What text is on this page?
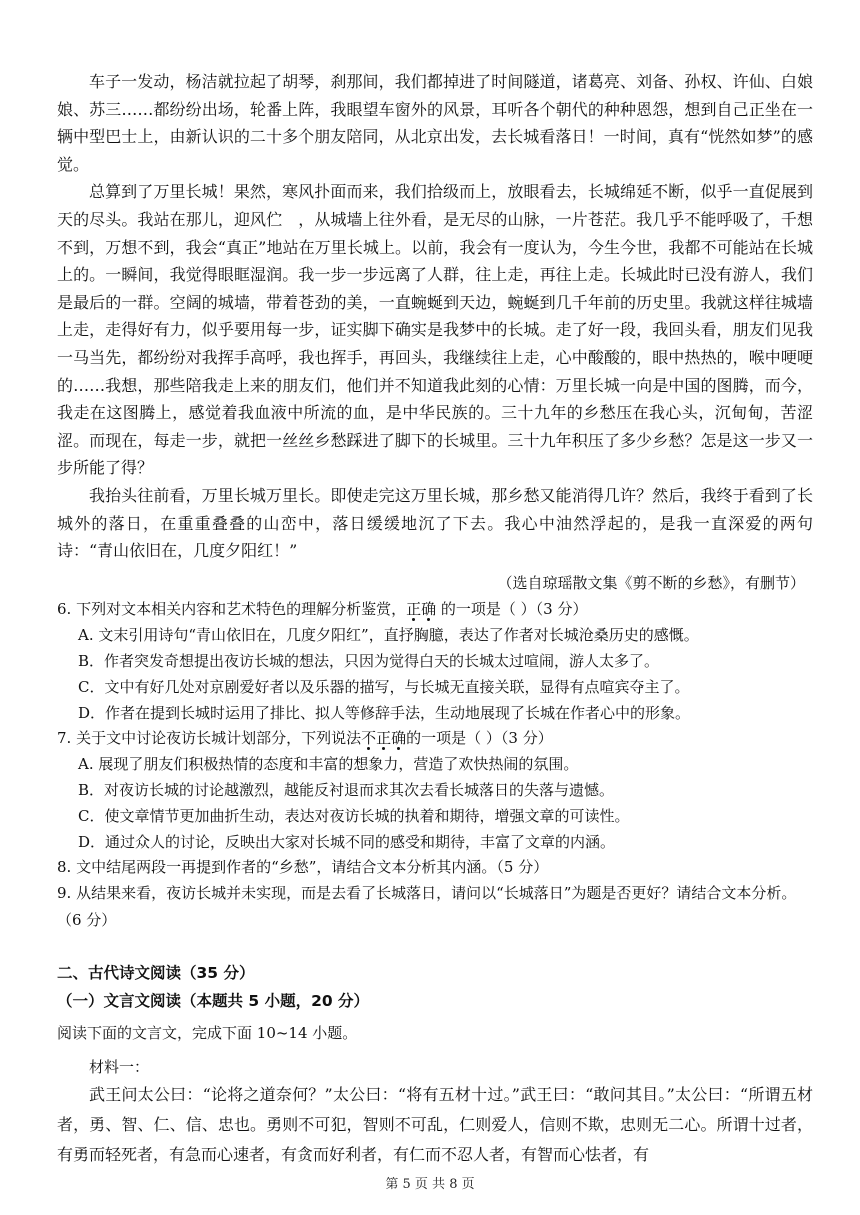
车子一发动，杨洁就拉起了胡琴，刹那间，我们都掉进了时间隧道，诸葛亮、刘备、孙权、许仙、白娘娘、苏三……都纷纷出场，轮番上阵，我眼望车窗外的风景，耳听各个朝代的种种恩怨，想到自己正坐在一辆中型巴士上，由新认识的二十多个朋友陪同，从北京出发，去长城看落日！一时间，真有“恍然如梦”的感觉。

总算到了万里长城！果然，寒风扑面而来，我们拾级而上，放眼看去，长城绵延不断，似乎一直促展到天的尽头。我站在那儿，迎风伫　，从城墙上往外看，是无尽的山脉，一片苍茫。我几乎不能呼吸了，千想不到，万想不到，我会“真正”地站在万里长城上。以前，我会有一度认为，今生今世，我都不可能站在长城上的。一瞬间，我觉得眼眶湿润。我一步一步远离了人群，往上走，再往上走。长城此时已没有游人，我们是最后的一群。空阔的城墙，带着苍劲的美，一直蜿蜒到天边，蜿蜒到几千年前的历史里。我就这样往城墙上走，走得好有力，似乎要用每一步，证实脚下确实是我梦中的长城。走了好一段，我回头看，朋友们见我一马当先，都纷纷对我挥手高呼，我也挥手，再回头，我继续往上走，心中酸酸的，眼中热热的，喉中哽哽的……我想，那些陪我走上来的朋友们，他们并不知道我此刻的心情：万里长城一向是中国的图腾，而今，我走在这图腾上，感觉着我血液中所流的血，是中华民族的。三十九年的乡愁压在我心头，沉甸甸，苦涩涩。而现在，每走一步，就把一丝丝乡愁踩进了脚下的长城里。三十九年积压了多少乡愁？怎是这一步又一步所能了得？

我抬头往前看，万里长城万里长。即使走完这万里长城，那乡愁又能消得几许？然后，我终于看到了长城外的落日，在重重叠叠的山峦中，落日缓缓地沉了下去。我心中油然浮起的，是我一直深爱的两句诗：“青山依旧在，几度夕阳红！”

（选自琼瑶散文集《剪不断的乡愁》，有删节）

6. 下列对文本相关内容和艺术特色的理解分析鉴赏，正确 的一项是（ ）（3 分）

A. 文末引用诗句“青山依旧在，几度夕阳红”，直抒胸臆，表达了作者对长城沧桑历史的感慨。

B．作者突发奇想提出夜访长城的想法，只因为觉得白天的长城太过喧闹，游人太多了。

C．文中有好几处对京剧爱好者以及乐器的描写，与长城无直接关联，显得有点喧宾夺主了。

D．作者在提到长城时运用了排比、拟人等修辞手法，生动地展现了长城在作者心中的形象。

7. 关于文中讨论夜访长城计划部分，下列说法不正确的一项是（ ）（3 分）

A. 展现了朋友们积极热情的态度和丰富的想象力，营造了欢快热闹的氛围。

B．对夜访长城的讨论越激烈，越能反衬退而求其次去看长城落日的失落与遗憾。

C．使文章情节更加曲折生动，表达对夜访长城的执着和期待，增强文章的可读性。

D．通过众人的讨论，反映出大家对长城不同的感受和期待，丰富了文章的内涵。

8. 文中结尾两段一再提到作者的“乡愁”，请结合文本分析其内涵。（5 分）

9. 从结果来看，夜访长城并未实现，而是去看了长城落日，请问以“长城落日”为题是否更好？请结合文本分析。（6 分）

二、古代诗文阅读（35 分）

（一）文言文阅读（本题共 5 小题，20 分）

阅读下面的文言文，完成下面 10~14 小题。

材料一：

武王问太公曰：“论将之道奈何？”太公曰：“将有五材十过。”武王曰：“敢问其目。”太公曰：“所谓五材者，勇、智、仁、信、忠也。勇则不可犯，智则不可乱，仁则爱人，信则不欺，忠则无二心。所谓十过者，有勇而轻死者，有急而心速者，有贪而好利者，有仁而不忍人者，有智而心怯者，有

第 5 页 共 8 页
